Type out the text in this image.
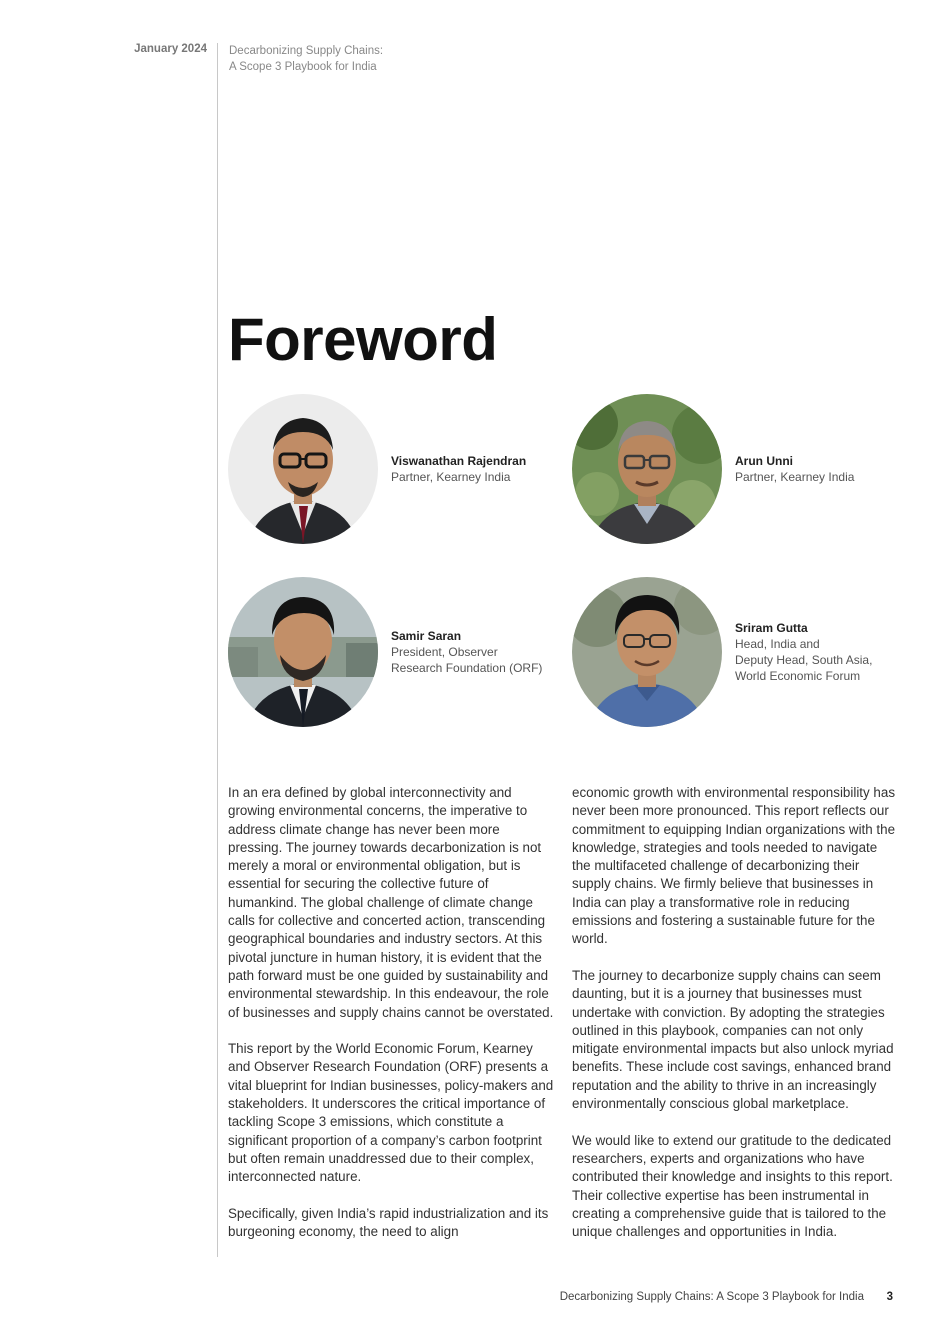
January 2024 Decarbonizing Supply Chains:
A Scope 3 Playbook for India
Foreword
Viswanathan Rajendran
Partner, Kearney India
Arun Unni
Partner, Kearney India
Samir Saran
President, Observer
Research Foundation (ORF)
Sriram Gutta
Head, India and
Deputy Head, South Asia,
World Economic Forum

In an era defined by global interconnectivity and growing environmental concerns, the imperative to address climate change has never been more pressing. The journey towards decarbonization is not merely a moral or environmental obligation, but is essential for securing the collective future of humankind. The global challenge of climate change calls for collective and concerted action, transcending geographical boundaries and industry sectors. At this pivotal juncture in human history, it is evident that the path forward must be one guided by sustainability and environmental stewardship. In this endeavour, the role of businesses and supply chains cannot be overstated.

This report by the World Economic Forum, Kearney and Observer Research Foundation (ORF) presents a vital blueprint for Indian businesses, policy-makers and stakeholders. It underscores the critical importance of tackling Scope 3 emissions, which constitute a significant proportion of a company’s carbon footprint but often remain unaddressed due to their complex, interconnected nature.

Specifically, given India’s rapid industrialization and its burgeoning economy, the need to align

economic growth with environmental responsibility has never been more pronounced. This report reflects our commitment to equipping Indian organizations with the knowledge, strategies and tools needed to navigate the multifaceted challenge of decarbonizing their supply chains. We firmly believe that businesses in India can play a transformative role in reducing emissions and fostering a sustainable future for the world.

The journey to decarbonize supply chains can seem daunting, but it is a journey that businesses must undertake with conviction. By adopting the strategies outlined in this playbook, companies can not only mitigate environmental impacts but also unlock myriad benefits. These include cost savings, enhanced brand reputation and the ability to thrive in an increasingly environmentally conscious global marketplace.

We would like to extend our gratitude to the dedicated researchers, experts and organizations who have contributed their knowledge and insights to this report. Their collective expertise has been instrumental in creating a comprehensive guide that is tailored to the unique challenges and opportunities in India.

Decarbonizing Supply Chains: A Scope 3 Playbook for India 3
